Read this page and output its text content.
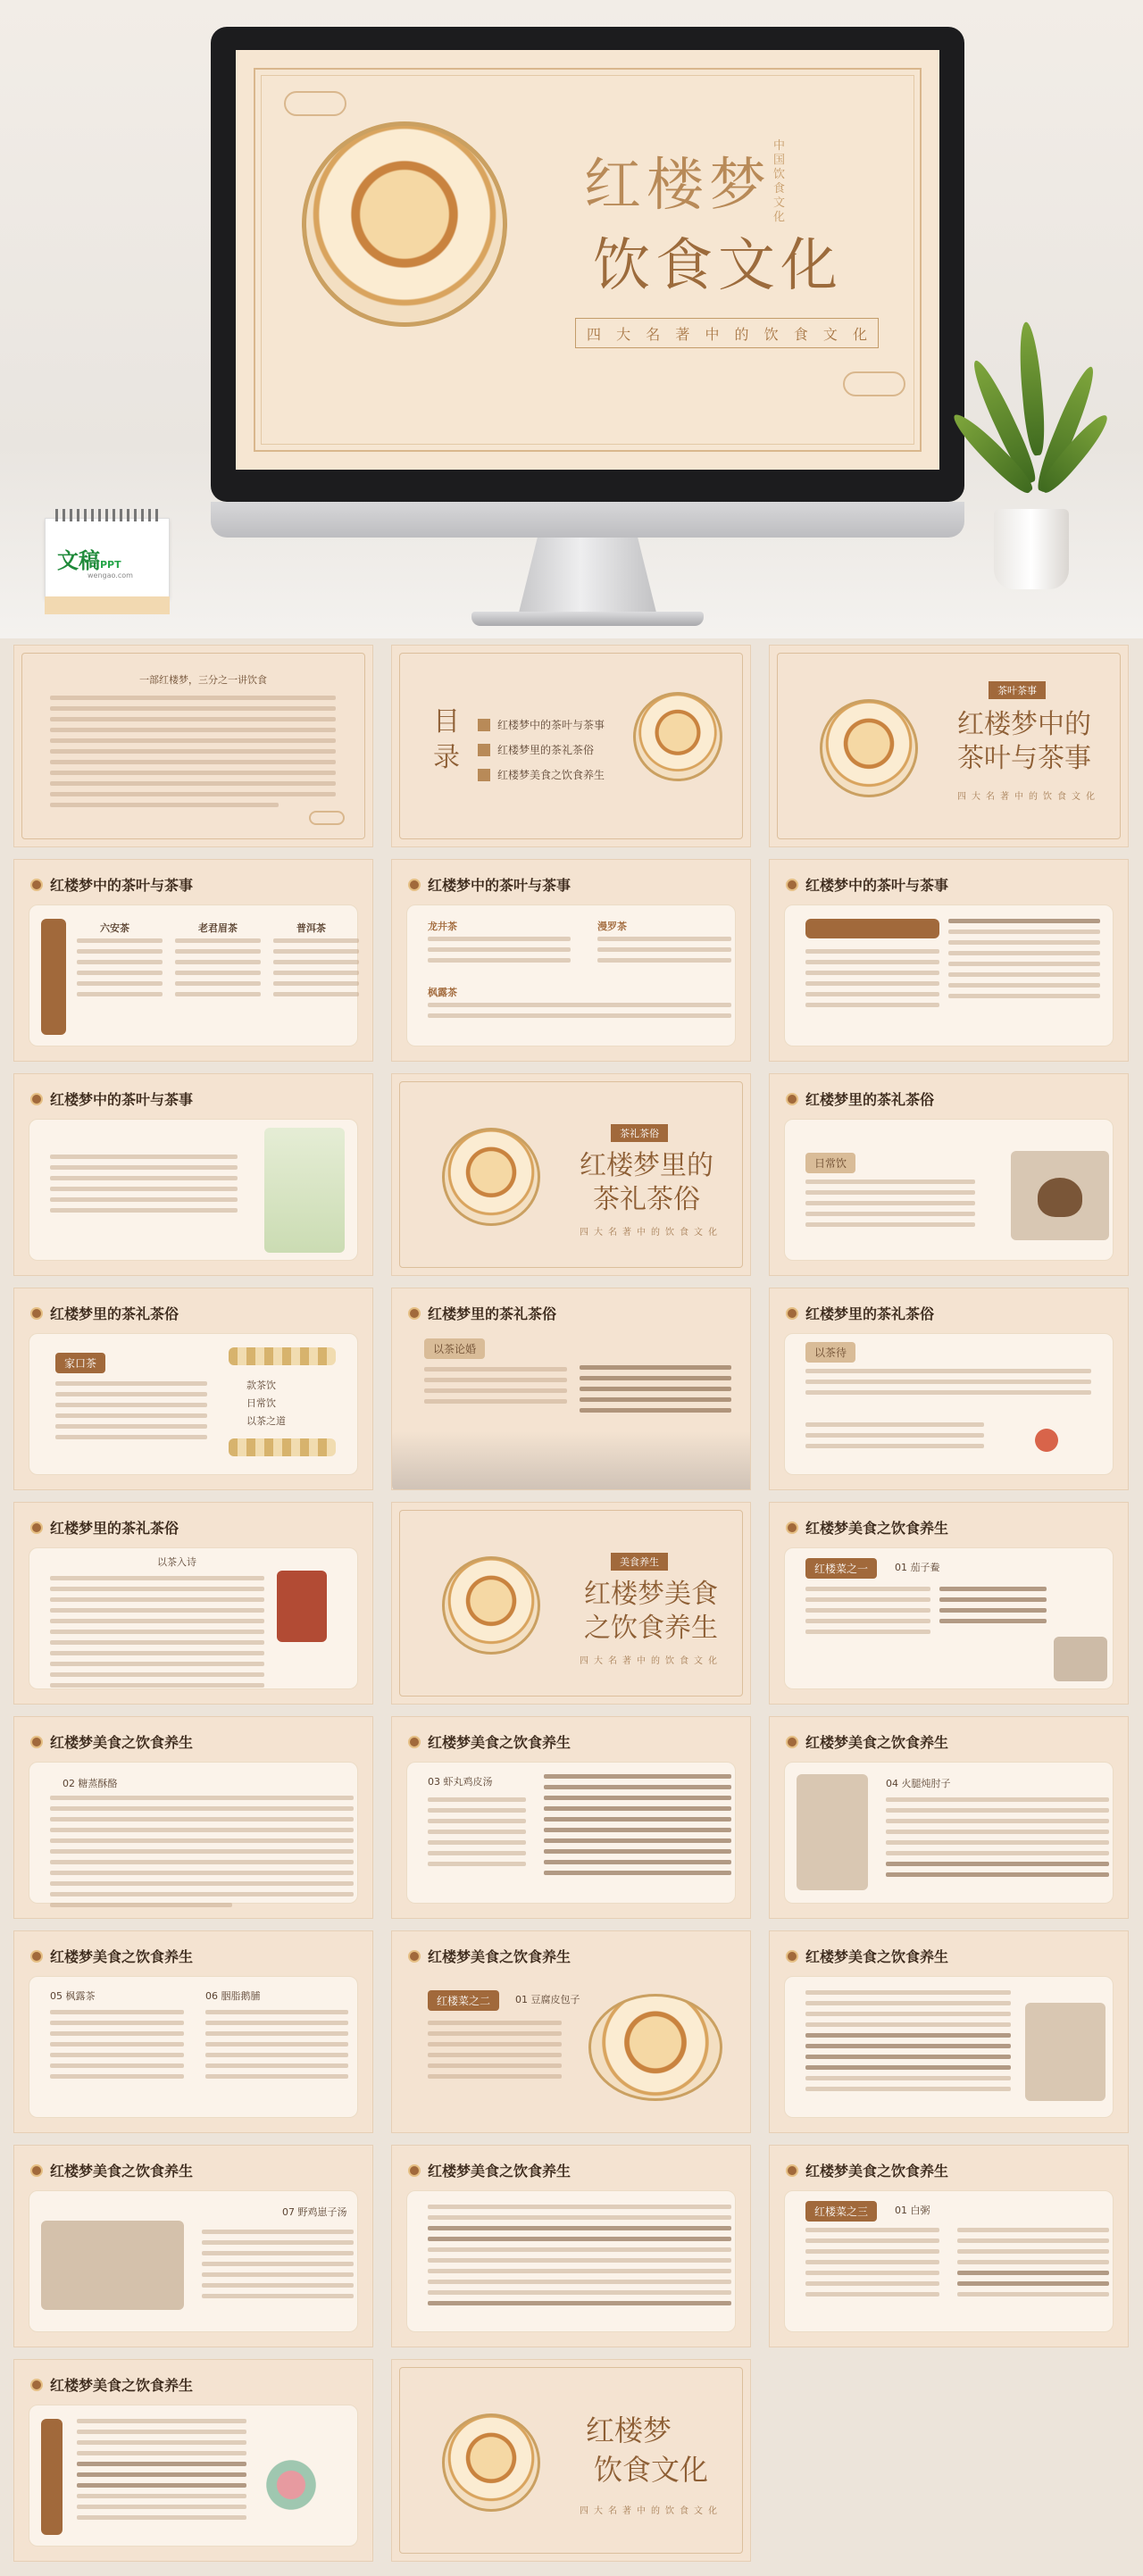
红楼梦
中国饮食文化
饮食文化
四 大 名 著 中 的 饮 食 文 化
文稿PPT
wengao.com
一部红楼梦，三分之一讲饮食
目
录
红楼梦中的茶叶与茶事
红楼梦里的茶礼茶俗
红楼梦美食之饮食养生
茶叶茶事
红楼梦中的
茶叶与茶事
四大名著中的饮食文化
红楼梦中的茶叶与茶事
六安茶	老君眉茶	普洱茶
红楼梦中的茶叶与茶事
龙井茶	漫罗茶
枫露茶
红楼梦中的茶叶与茶事
红楼梦中的茶叶与茶事
茶礼茶俗
红楼梦里的
茶礼茶俗
四大名著中的饮食文化
红楼梦里的茶礼茶俗
日常饮
红楼梦里的茶礼茶俗
家口茶
款茶饮
日常饮
以茶之道
红楼梦里的茶礼茶俗
以茶论婚
红楼梦里的茶礼茶俗
以茶待
红楼梦里的茶礼茶俗
以茶入诗	美食养生
红楼梦美食
之饮食养生
四大名著中的饮食文化
红楼梦美食之饮食养生
红楼菜之一	01 茄子鲞
红楼梦美食之饮食养生
02 糖蒸酥酪
红楼梦美食之饮食养生
03 虾丸鸡皮汤
红楼梦美食之饮食养生
04 火腿炖肘子
红楼梦美食之饮食养生
05 枫露茶	06 胭脂鹅脯
红楼梦美食之饮食养生
红楼菜之二	01 豆腐皮包子
红楼梦美食之饮食养生
红楼梦美食之饮食养生
07 野鸡崽子汤
红楼梦美食之饮食养生	红楼梦美食之饮食养生
红楼菜之三	01 白粥
红楼梦美食之饮食养生
红楼梦
饮食文化
四大名著中的饮食文化
